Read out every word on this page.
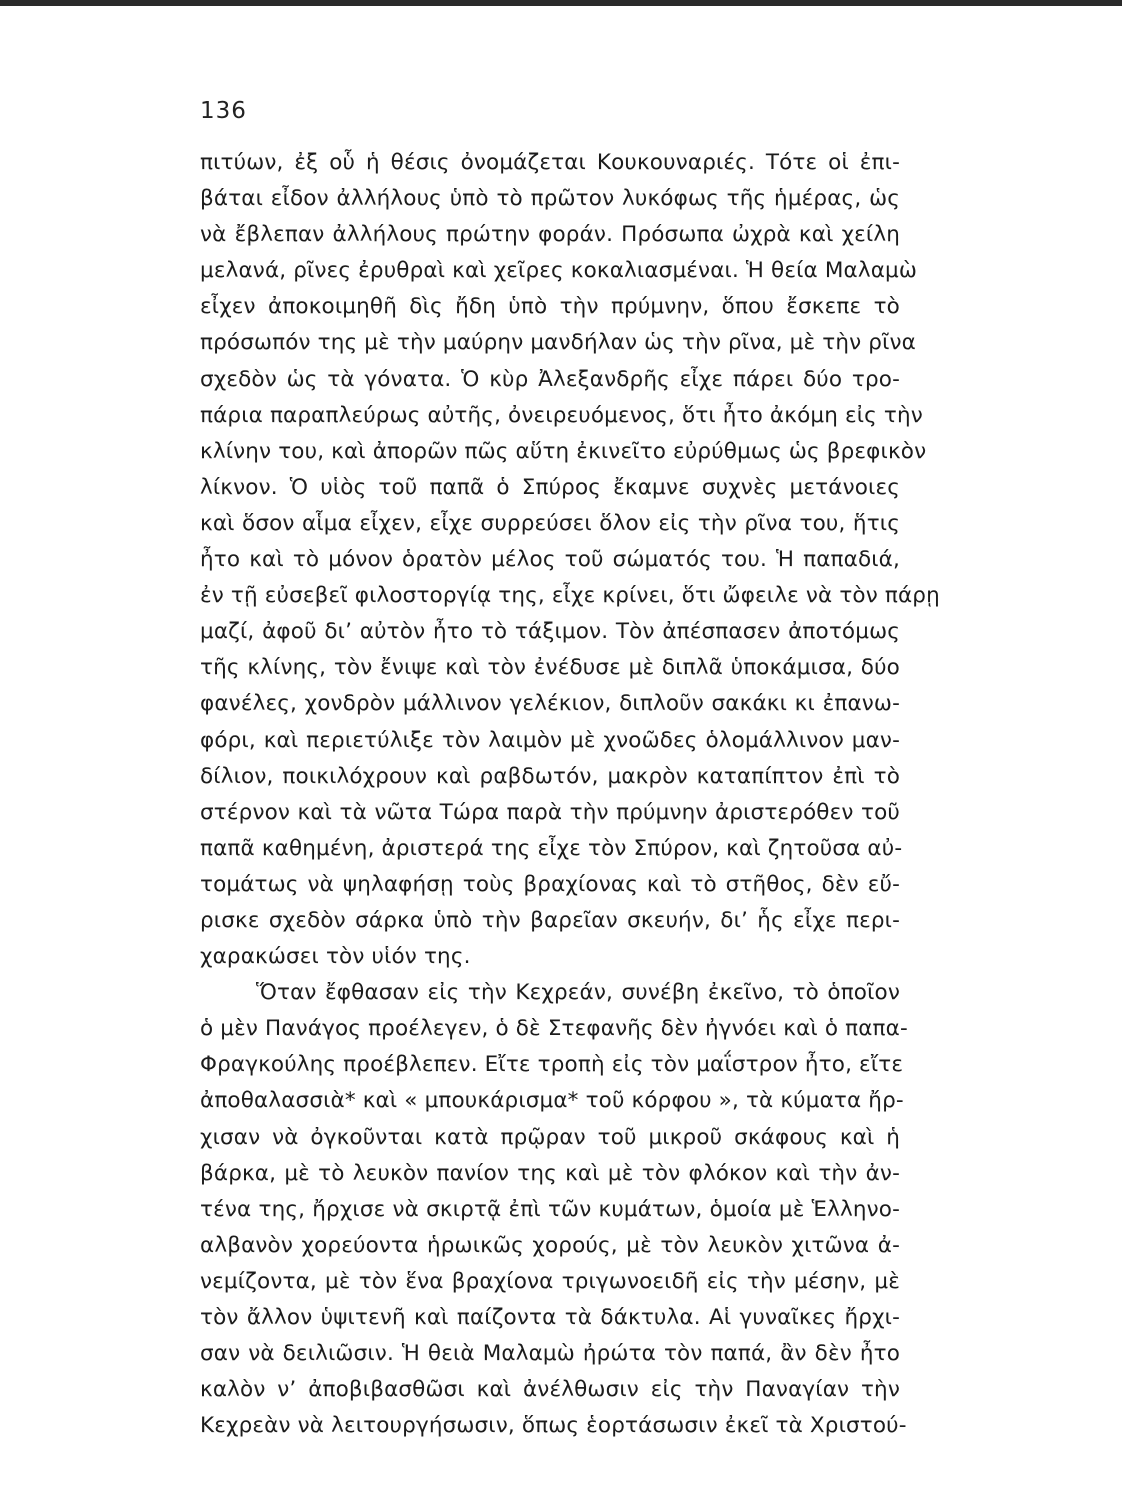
136
πιτύων, ἐξ οὗ ἡ θέσις ὀνομάζεται Κουκουναριές. Τότε οἱ ἐπι-
βάται εἶδον ἀλλήλους ὑπὸ τὸ πρῶτον λυκόφως τῆς ἡμέρας, ὡς
νὰ ἔβλεπαν ἀλλήλους πρώτην φοράν. Πρόσωπα ὠχρὰ καὶ χείλη
μελανά, ρῖνες ἐρυθραὶ καὶ χεῖρες κοκαλιασμέναι. Ἡ θεία Μαλαμὼ
εἶχεν ἀποκοιμηθῆ δὶς ἤδη ὑπὸ τὴν πρύμνην, ὅπου ἔσκεπε τὸ
πρόσωπόν της μὲ τὴν μαύρην μανδήλαν ὡς τὴν ρῖνα, μὲ τὴν ρῖνα
σχεδὸν ὡς τὰ γόνατα. Ὁ κὺρ Ἀλεξανδρῆς εἶχε πάρει δύο τρο-
πάρια παραπλεύρως αὐτῆς, ὀνειρευόμενος, ὅτι ἦτο ἀκόμη εἰς τὴν
κλίνην του, καὶ ἀπορῶν πῶς αὕτη ἐκινεῖτο εὐρύθμως ὡς βρεφικὸν
λίκνον. Ὁ υἱὸς τοῦ παπᾶ ὁ Σπύρος ἔκαμνε συχνὲς μετάνοιες
καὶ ὅσον αἷμα εἶχεν, εἶχε συρρεύσει ὅλον εἰς τὴν ρῖνα του, ἥτις
ἦτο καὶ τὸ μόνον ὁρατὸν μέλος τοῦ σώματός του. Ἡ παπαδιά,
ἐν τῇ εὐσεβεῖ φιλοστοργίᾳ της, εἶχε κρίνει, ὅτι ὤφειλε νὰ τὸν πάρῃ
μαζί, ἀφοῦ δι’ αὐτὸν ἦτο τὸ τάξιμον. Τὸν ἀπέσπασεν ἀποτόμως
τῆς κλίνης, τὸν ἔνιψε καὶ τὸν ἐνέδυσε μὲ διπλᾶ ὑποκάμισα, δύο
φανέλες, χονδρὸν μάλλινον γελέκιον, διπλοῦν σακάκι κι ἐπανω-
φόρι, καὶ περιετύλιξε τὸν λαιμὸν μὲ χνοῶδες ὁλομάλλινον μαν-
δίλιον, ποικιλόχρουν καὶ ραβδωτόν, μακρὸν καταπίπτον ἐπὶ τὸ
στέρνον καὶ τὰ νῶτα Τώρα παρὰ τὴν πρύμνην ἀριστερόθεν τοῦ
παπᾶ καθημένη, ἀριστερά της εἶχε τὸν Σπύρον, καὶ ζητοῦσα αὐ-
τομάτως νὰ ψηλαφήσῃ τοὺς βραχίονας καὶ τὸ στῆθος, δὲν εὔ-
ρισκε σχεδὸν σάρκα ὑπὸ τὴν βαρεῖαν σκευήν, δι’ ἧς εἶχε περι-
χαρακώσει τὸν υἱόν της.
Ὅταν ἔφθασαν εἰς τὴν Κεχρεάν, συνέβη ἐκεῖνο, τὸ ὁποῖον
ὁ μὲν Πανάγος προέλεγεν, ὁ δὲ Στεφανῆς δὲν ἠγνόει καὶ ὁ παπα-
Φραγκούλης προέβλεπεν. Εἴτε τροπὴ εἰς τὸν μαΐστρον ἦτο, εἴτε
ἀποθαλασσιὰ* καὶ « μπουκάρισμα* τοῦ κόρφου », τὰ κύματα ἤρ-
χισαν νὰ ὀγκοῦνται κατὰ πρῷραν τοῦ μικροῦ σκάφους καὶ ἡ
βάρκα, μὲ τὸ λευκὸν πανίον της καὶ μὲ τὸν φλόκον καὶ τὴν ἀν-
τένα της, ἤρχισε νὰ σκιρτᾷ ἐπὶ τῶν κυμάτων, ὁμοία μὲ Ἑλληνο-
αλβανὸν χορεύοντα ἡρωικῶς χορούς, μὲ τὸν λευκὸν χιτῶνα ἀ-
νεμίζοντα, μὲ τὸν ἕνα βραχίονα τριγωνοειδῆ εἰς τὴν μέσην, μὲ
τὸν ἄλλον ὑψιτενῆ καὶ παίζοντα τὰ δάκτυλα. Αἱ γυναῖκες ἤρχι-
σαν νὰ δειλιῶσιν. Ἡ θειὰ Μαλαμὼ ἠρώτα τὸν παπά, ἂν δὲν ἦτο
καλὸν ν’ ἀποβιβασθῶσι καὶ ἀνέλθωσιν εἰς τὴν Παναγίαν τὴν
Κεχρεὰν νὰ λειτουργήσωσιν, ὅπως ἑορτάσωσιν ἐκεῖ τὰ Χριστού-
